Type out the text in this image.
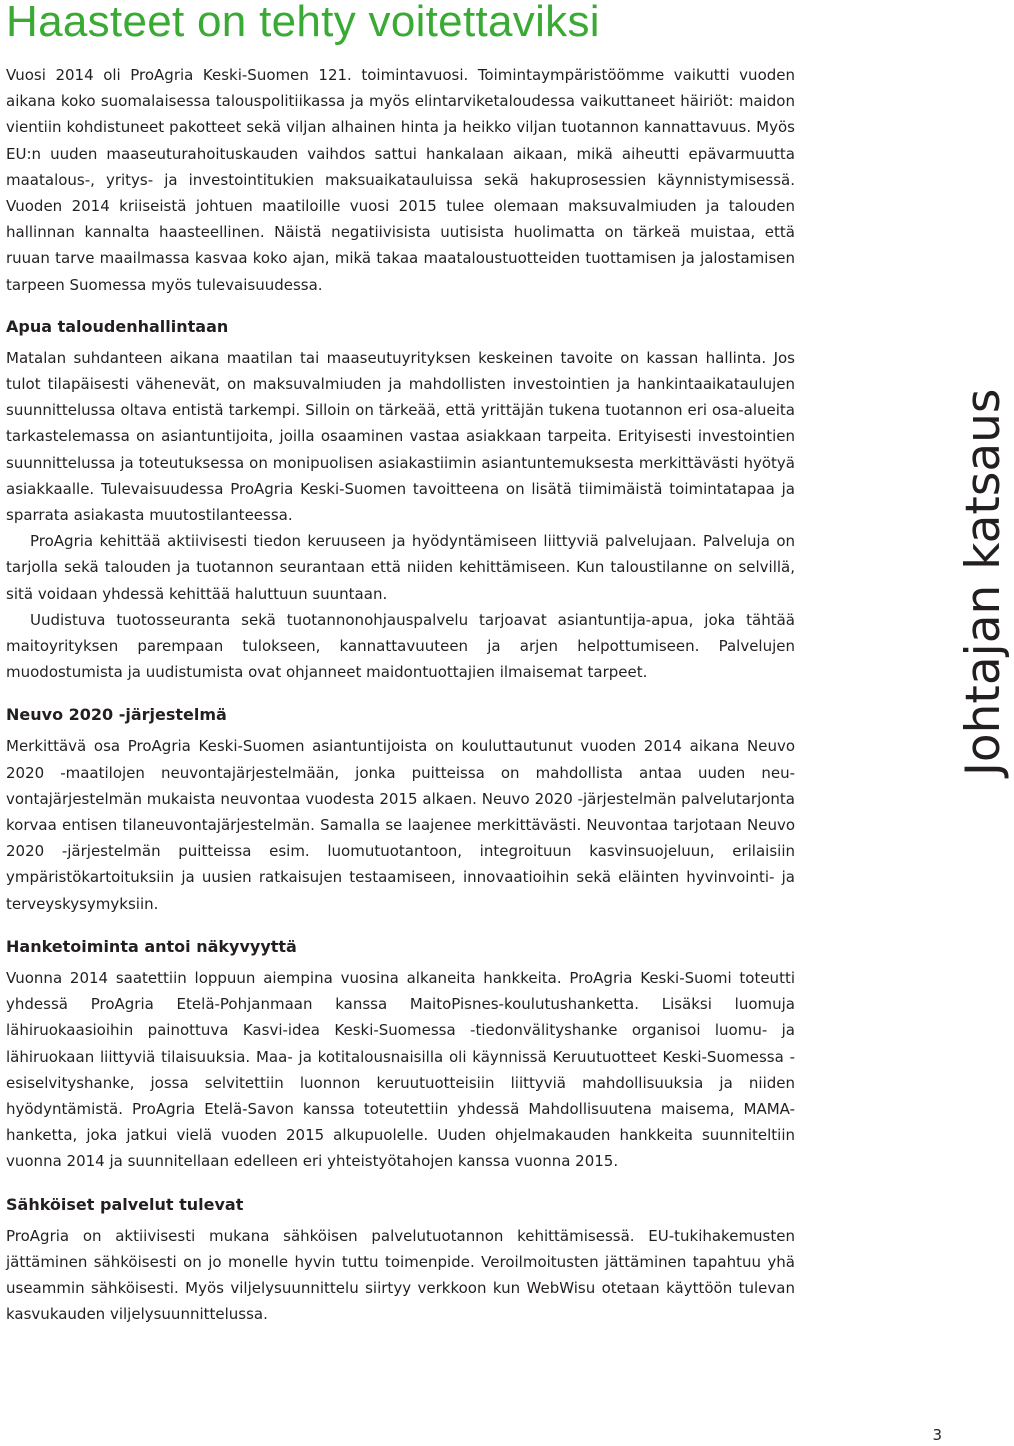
Haasteet on tehty voitettaviksi
Johtajan katsaus

Vuosi 2014 oli ProAgria Keski-Suomen 121. toimintavuosi. Toimintaympäristöömme vaikutti vuoden aikana koko suomalaisessa talouspolitiikassa ja myös elintarviketaloudessa vaikuttaneet häiriöt: maidon vientiin kohdistuneet pakotteet sekä viljan alhainen hinta ja heikko viljan tuotannon kannattavuus. Myös EU:n uuden maaseuturahoituskauden vaihdos sattui hankalaan aikaan, mikä aiheutti epävarmuutta maatalous-, yritys- ja investointitukien maksuaikatauluissa sekä hakuprosessien käynnistymisessä. Vuoden 2014 kriiseistä johtuen maatiloille vuosi 2015 tulee olemaan maksuvalmiuden ja talouden hallinnan kannalta haasteellinen. Näistä negatiivisista uutisista huolimatta on tärkeä muistaa, että ruuan tarve maailmassa kasvaa koko ajan, mikä takaa maataloustuotteiden tuottamisen ja jalostamisen tarpeen Suomessa myös tulevaisuudessa.

Apua taloudenhallintaan

Matalan suhdanteen aikana maatilan tai maaseutuyrityksen keskeinen tavoite on kassan hallinta. Jos tulot tilapäisesti vähenevät, on maksuvalmiuden ja mahdollisten investointien ja hankintaaikataulujen suunnittelussa oltava entistä tarkempi. Silloin on tärkeää, että yrittäjän tukena tuotannon eri osa-alueita tarkastelemassa on asiantuntijoita, joilla osaaminen vastaa asiakkaan tarpeita. Erityisesti investointien suunnittelussa ja toteutuksessa on monipuolisen asiakastiimin asiantuntemuksesta merkittävästi hyötyä asiakkaalle. Tulevaisuudessa ProAgria Keski-Suomen tavoitteena on lisätä tiimimäistä toimintatapaa ja sparrata asiakasta muutostilanteessa.

ProAgria kehittää aktiivisesti tiedon keruuseen ja hyödyntämiseen liittyviä palvelujaan. Palveluja on tarjolla sekä talouden ja tuotannon seurantaan että niiden kehittämiseen. Kun taloustilanne on selvillä, sitä voidaan yhdessä kehittää haluttuun suuntaan.

Uudistuva tuotosseuranta sekä tuotannonohjauspalvelu tarjoavat asiantuntija-apua, joka tähtää maitoyrityksen parempaan tulokseen, kannattavuuteen ja arjen helpottumiseen. Palvelujen muodostumista ja uudistumista ovat ohjanneet maidontuottajien ilmaisemat tarpeet.

Neuvo 2020 -järjestelmä

Merkittävä osa ProAgria Keski-Suomen asiantuntijoista on kouluttautunut vuoden 2014 aikana Neuvo 2020 -maatilojen neuvontajärjestelmään, jonka puitteissa on mahdollista antaa uuden neuvontajärjestelmän mukaista neuvontaa vuodesta 2015 alkaen. Neuvo 2020 -järjestelmän palvelutarjonta korvaa entisen tilaneuvontajärjestelmän. Samalla se laajenee merkittävästi. Neuvontaa tarjotaan Neuvo 2020 -järjestelmän puitteissa esim. luomutuotantoon, integroituun kasvinsuojeluun, erilaisiin ympäristökartoituksiin ja uusien ratkaisujen testaamiseen, innovaatioihin sekä eläinten hyvinvointi- ja terveyskysymyksiin.

Hanketoiminta antoi näkyvyyttä

Vuonna 2014 saatettiin loppuun aiempina vuosina alkaneita hankkeita. ProAgria Keski-Suomi toteutti yhdessä ProAgria Etelä-Pohjanmaan kanssa MaitoPisnes-koulutushanketta. Lisäksi luomuja lähiruokaasioihin painottuva Kasvi-idea Keski-Suomessa -tiedonvälityshanke organisoi luomu- ja lähiruokaan liittyviä tilaisuuksia. Maa- ja kotitalousnaisilla oli käynnissä Keruutuotteet Keski-Suomessa -esiselvityshanke, jossa selvitettiin luonnon keruutuotteisiin liittyviä mahdollisuuksia ja niiden hyödyntämistä. ProAgria Etelä-Savon kanssa toteutettiin yhdessä Mahdollisuutena maisema, MAMA-hanketta, joka jatkui vielä vuoden 2015 alkupuolelle. Uuden ohjelmakauden hankkeita suunniteltiin vuonna 2014 ja suunnitellaan edelleen eri yhteistyötahojen kanssa vuonna 2015.

Sähköiset palvelut tulevat

ProAgria on aktiivisesti mukana sähköisen palvelutuotannon kehittämisessä. EU-tukihakemusten jättäminen sähköisesti on jo monelle hyvin tuttu toimenpide. Veroilmoitusten jättäminen tapahtuu yhä useammin sähköisesti. Myös viljelysuunnittelu siirtyy verkkoon kun WebWisu otetaan käyttöön tulevan kasvukauden viljelysuunnittelussa.

3
